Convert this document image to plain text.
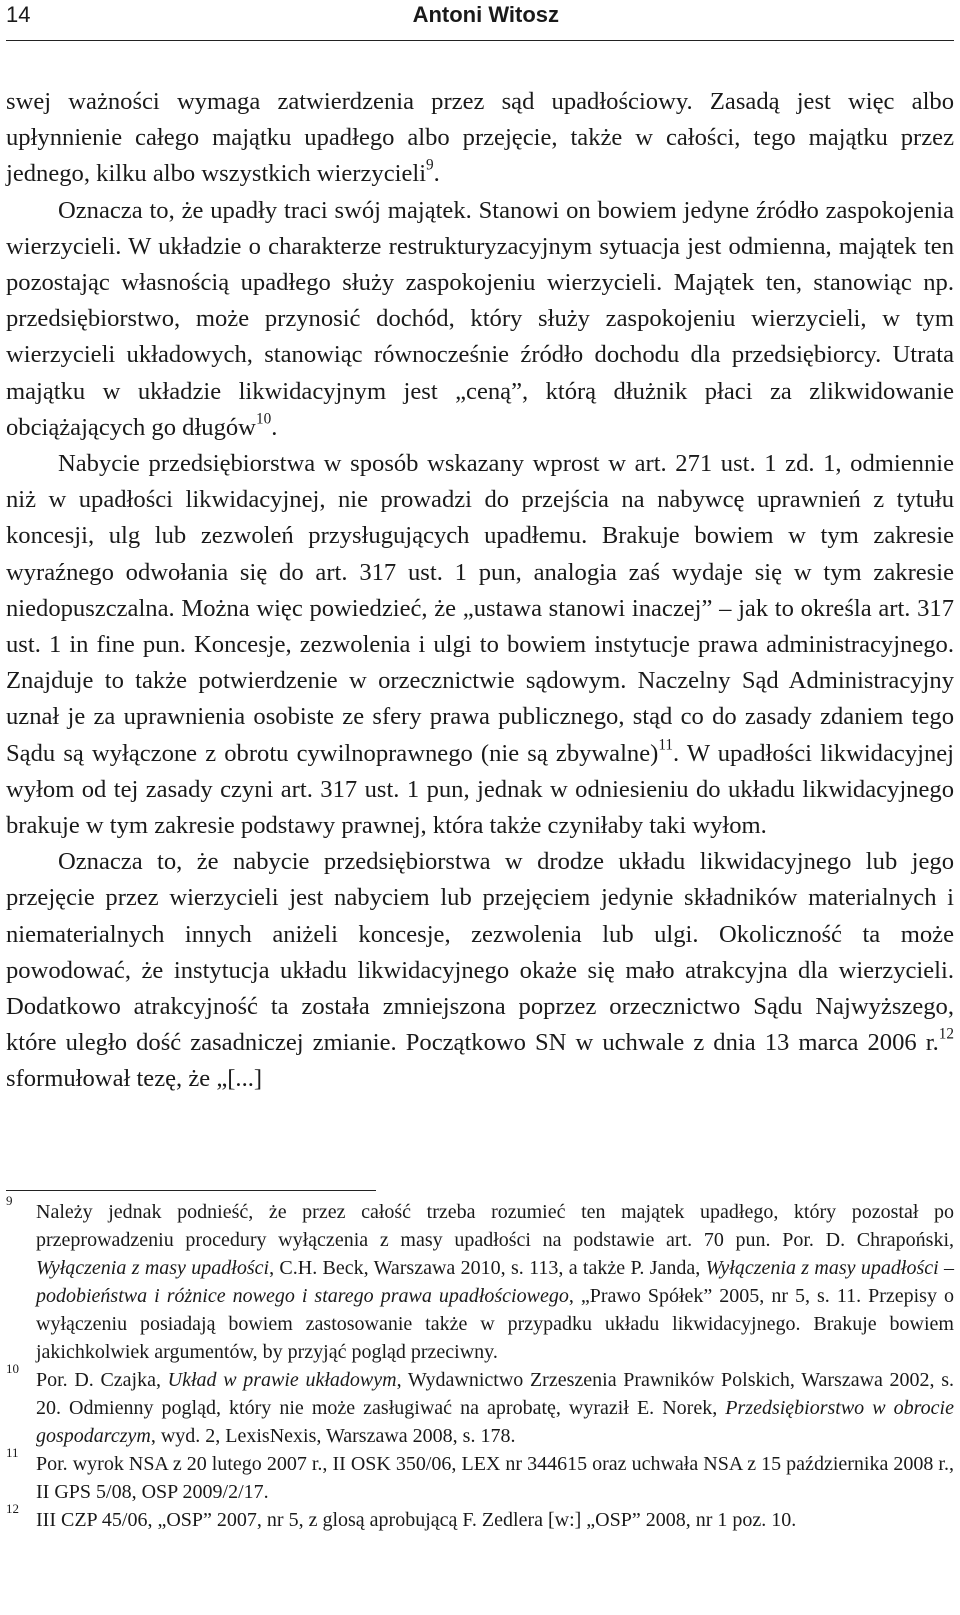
14	Antoni Witosz

swej ważności wymaga zatwierdzenia przez sąd upadłościowy. Zasadą jest więc albo upłynnienie całego majątku upadłego albo przejęcie, także w całości, tego majątku przez jednego, kilku albo wszystkich wierzycieli$^9$.

Oznacza to, że upadły traci swój majątek. Stanowi on bowiem jedyne źródło zaspokojenia wierzycieli. W układzie o charakterze restrukturyzacyjnym sytuacja jest odmienna, majątek ten pozostając własnością upadłego służy zaspokojeniu wierzycieli. Majątek ten, stanowiąc np. przedsiębiorstwo, może przynosić dochód, który służy zaspokojeniu wierzycieli, w tym wierzycieli układowych, stanowiąc równocześnie źródło dochodu dla przedsiębiorcy. Utrata majątku w układzie likwidacyjnym jest „ceną”, którą dłużnik płaci za zlikwidowanie obciążających go długów$^{10}$.

Nabycie przedsiębiorstwa w sposób wskazany wprost w art. 271 ust. 1 zd. 1, odmiennie niż w upadłości likwidacyjnej, nie prowadzi do przejścia na nabywcę uprawnień z tytułu koncesji, ulg lub zezwoleń przysługujących upadłemu. Brakuje bowiem w tym zakresie wyraźnego odwołania się do art. 317 ust. 1 pun, analogia zaś wydaje się w tym zakresie niedopuszczalna. Można więc powiedzieć, że „ustawa stanowi inaczej” – jak to określa art. 317 ust. 1 in fine pun. Koncesje, zezwolenia i ulgi to bowiem instytucje prawa administracyjnego. Znajduje to także potwierdzenie w orzecznictwie sądowym. Naczelny Sąd Administracyjny uznał je za uprawnienia osobiste ze sfery prawa publicznego, stąd co do zasady zdaniem tego Sądu są wyłączone z obrotu cywilnoprawnego (nie są zbywalne)$^{11}$. W upadłości likwidacyjnej wyłom od tej zasady czyni art. 317 ust. 1 pun, jednak w odniesieniu do układu likwidacyjnego brakuje w tym zakresie podstawy prawnej, która także czyniłaby taki wyłom.

Oznacza to, że nabycie przedsiębiorstwa w drodze układu likwidacyjnego lub jego przejęcie przez wierzycieli jest nabyciem lub przejęciem jedynie składników materialnych i niematerialnych innych aniżeli koncesje, zezwolenia lub ulgi. Okoliczność ta może powodować, że instytucja układu likwidacyjnego okaże się mało atrakcyjna dla wierzycieli. Dodatkowo atrakcyjność ta została zmniejszona poprzez orzecznictwo Sądu Najwyższego, które uległo dość zasadniczej zmianie. Początkowo SN w uchwale z dnia 13 marca 2006 r.$^{12}$ sformułował tezę, że „[...]

9
Należy jednak podnieść, że przez całość trzeba rozumieć ten majątek upadłego, który pozostał po przeprowadzeniu procedury wyłączenia z masy upadłości na podstawie art. 70 pun. Por. D. Chrapoński, Wyłączenia z masy upadłości, C.H. Beck, Warszawa 2010, s. 113, a także P. Janda, Wyłączenia z masy upadłości – podobieństwa i różnice nowego i starego prawa upadłościowego, „Prawo Spółek” 2005, nr 5, s. 11. Przepisy o wyłączeniu posiadają bowiem zastosowanie także w przypadku układu likwidacyjnego. Brakuje bowiem jakichkolwiek argumentów, by przyjąć pogląd przeciwny.
10
Por. D. Czajka, Układ w prawie układowym, Wydawnictwo Zrzeszenia Prawników Polskich, Warszawa 2002, s. 20. Odmienny pogląd, który nie może zasługiwać na aprobatę, wyraził E. Norek, Przedsiębiorstwo w obrocie gospodarczym, wyd. 2, LexisNexis, Warszawa 2008, s. 178.
11
Por. wyrok NSA z 20 lutego 2007 r., II OSK 350/06, LEX nr 344615 oraz uchwała NSA z 15 października 2008 r., II GPS 5/08, OSP 2009/2/17.
12
III CZP 45/06, „OSP” 2007, nr 5, z glosą aprobującą F. Zedlera [w:] „OSP” 2008, nr 1 poz. 10.
